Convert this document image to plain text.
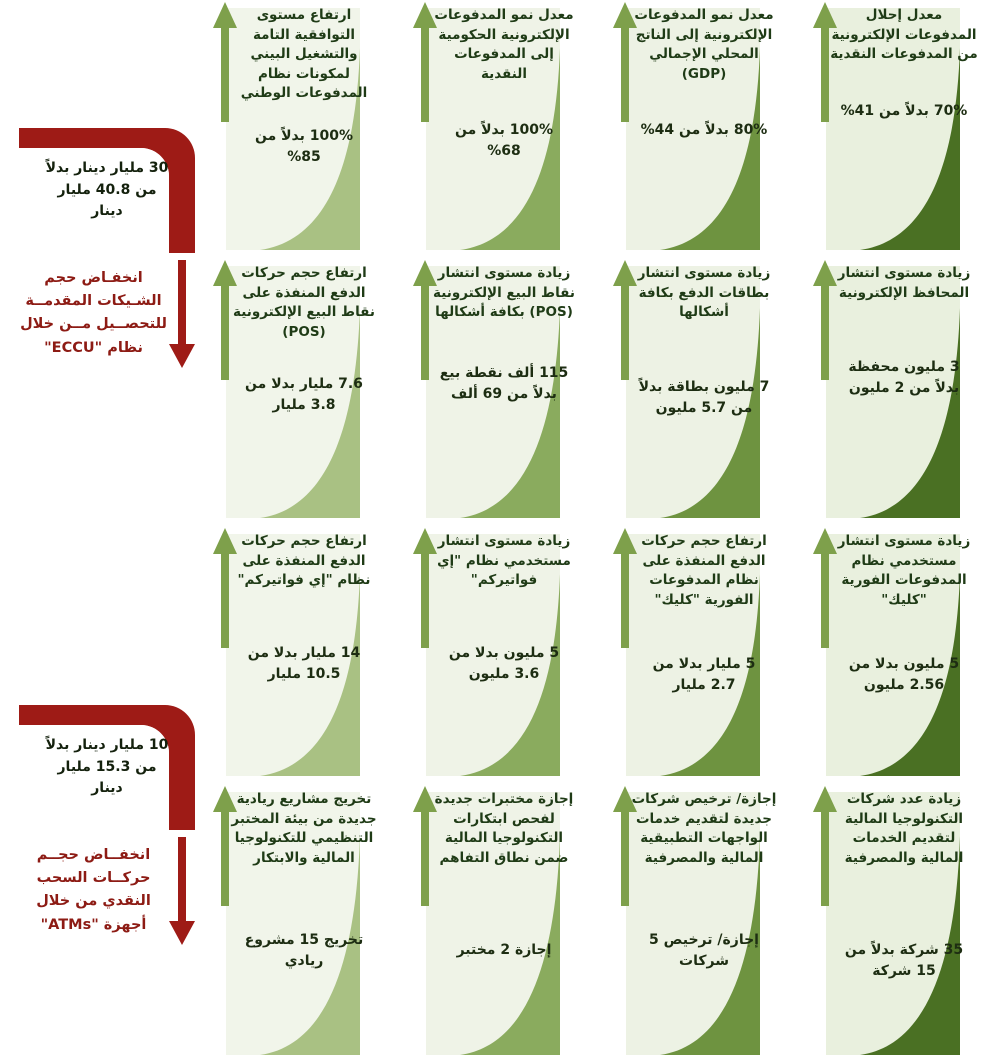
30 مليار دينار بدلاً من 40.8 مليار دينار
انخفـاض حجم الشـيكات المقدمــة للتحصــيل مــن خلال نظام "ECCU"
10 مليار دينار بدلاً من 15.3 مليار دينار
انخفــاض حجــم حركــات السحب النقدي من خلال أجهزة "ATMs"
معدل إحلال المدفوعات الإلكترونية من المدفوعات النقدية
70% بدلاً من 41%
معدل نمو المدفوعات الإلكترونية إلى الناتج المحلي الإجمالي (GDP)
80% بدلاً من 44%
معدل نمو المدفوعات الإلكترونية الحكومية إلى المدفوعات النقدية
100% بدلاً من 68%
ارتفاع مستوى التوافقية التامة والتشغيل البيني لمكونات نظام المدفوعات الوطني
100% بدلاً من 85%
زيادة مستوى انتشار المحافظ الإلكترونية
3 مليون محفظة بدلاً من 2 مليون
زيادة مستوى انتشار بطاقات الدفع بكافة أشكالها
7 مليون بطاقة بدلاً من 5.7 مليون
زيادة مستوى انتشار نقاط البيع الإلكترونية (POS) بكافة أشكالها
115 ألف نقطة بيع بدلاً من 69 ألف
ارتفاع حجم حركات الدفع المنفذة على نقاط البيع الإلكترونية (POS)
7.6 مليار بدلا من 3.8 مليار
زيادة مستوى انتشار مستخدمي نظام المدفوعات الفورية "كليك"
5 مليون بدلا من 2.56 مليون
ارتفاع حجم حركات الدفع المنفذة على نظام المدفوعات الفورية "كليك"
5 مليار بدلا من 2.7 مليار
زيادة مستوى انتشار مستخدمي نظام "إي فواتيركم"
5 مليون بدلا من 3.6 مليون
ارتفاع حجم حركات الدفع المنفذة على نظام "إي فواتيركم"
14 مليار بدلا من 10.5 مليار
زيادة عدد شركات التكنولوجيا المالية لتقديم الخدمات المالية والمصرفية
35 شركة بدلاً من 15 شركة
إجازة/ ترخيص شركات جديدة لتقديم خدمات الواجهات التطبيقية المالية والمصرفية
إجازة/ ترخيص 5 شركات
إجازة مختبرات جديدة لفحص ابتكارات التكنولوجيا المالية ضمن نطاق التفاهم
إجازة 2 مختبر
تخريج مشاريع ريادية جديدة من بيئة المختبر التنظيمي للتكنولوجيا المالية والابتكار
تخريج 15 مشروع ريادي
